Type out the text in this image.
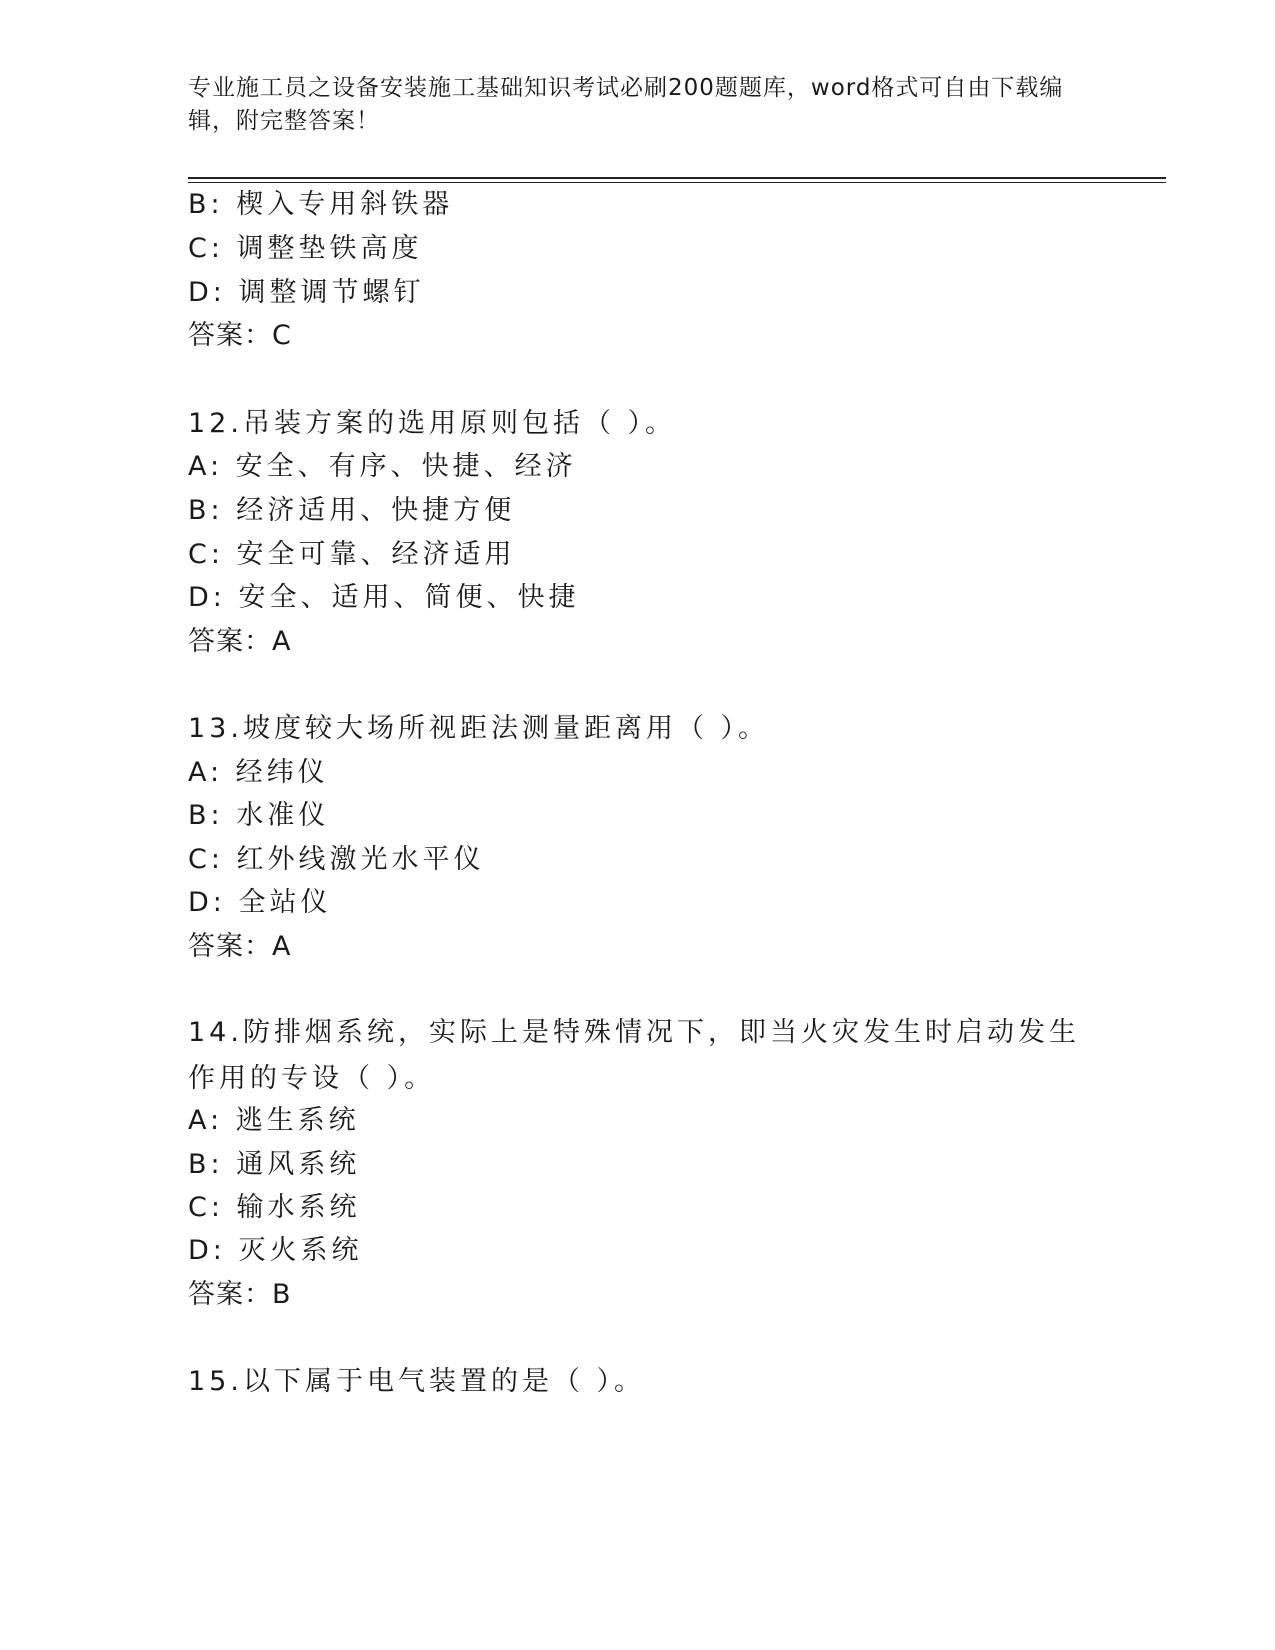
专业施工员之设备安装施工基础知识考试必刷200题题库，word格式可自由下载编辑，附完整答案！
B: 楔入专用斜铁器
C: 调整垫铁高度
D: 调整调节螺钉
答案：C
12.吊装方案的选用原则包括（ ）。
A: 安全、有序、快捷、经济
B: 经济适用、快捷方便
C: 安全可靠、经济适用
D: 安全、适用、简便、快捷
答案：A
13.坡度较大场所视距法测量距离用（ ）。
A: 经纬仪
B: 水准仪
C: 红外线激光水平仪
D: 全站仪
答案：A
14.防排烟系统，实际上是特殊情况下，即当火灾发生时启动发生作用的专设（ ）。
A: 逃生系统
B: 通风系统
C: 输水系统
D: 灭火系统
答案：B
15.以下属于电气装置的是（ ）。
